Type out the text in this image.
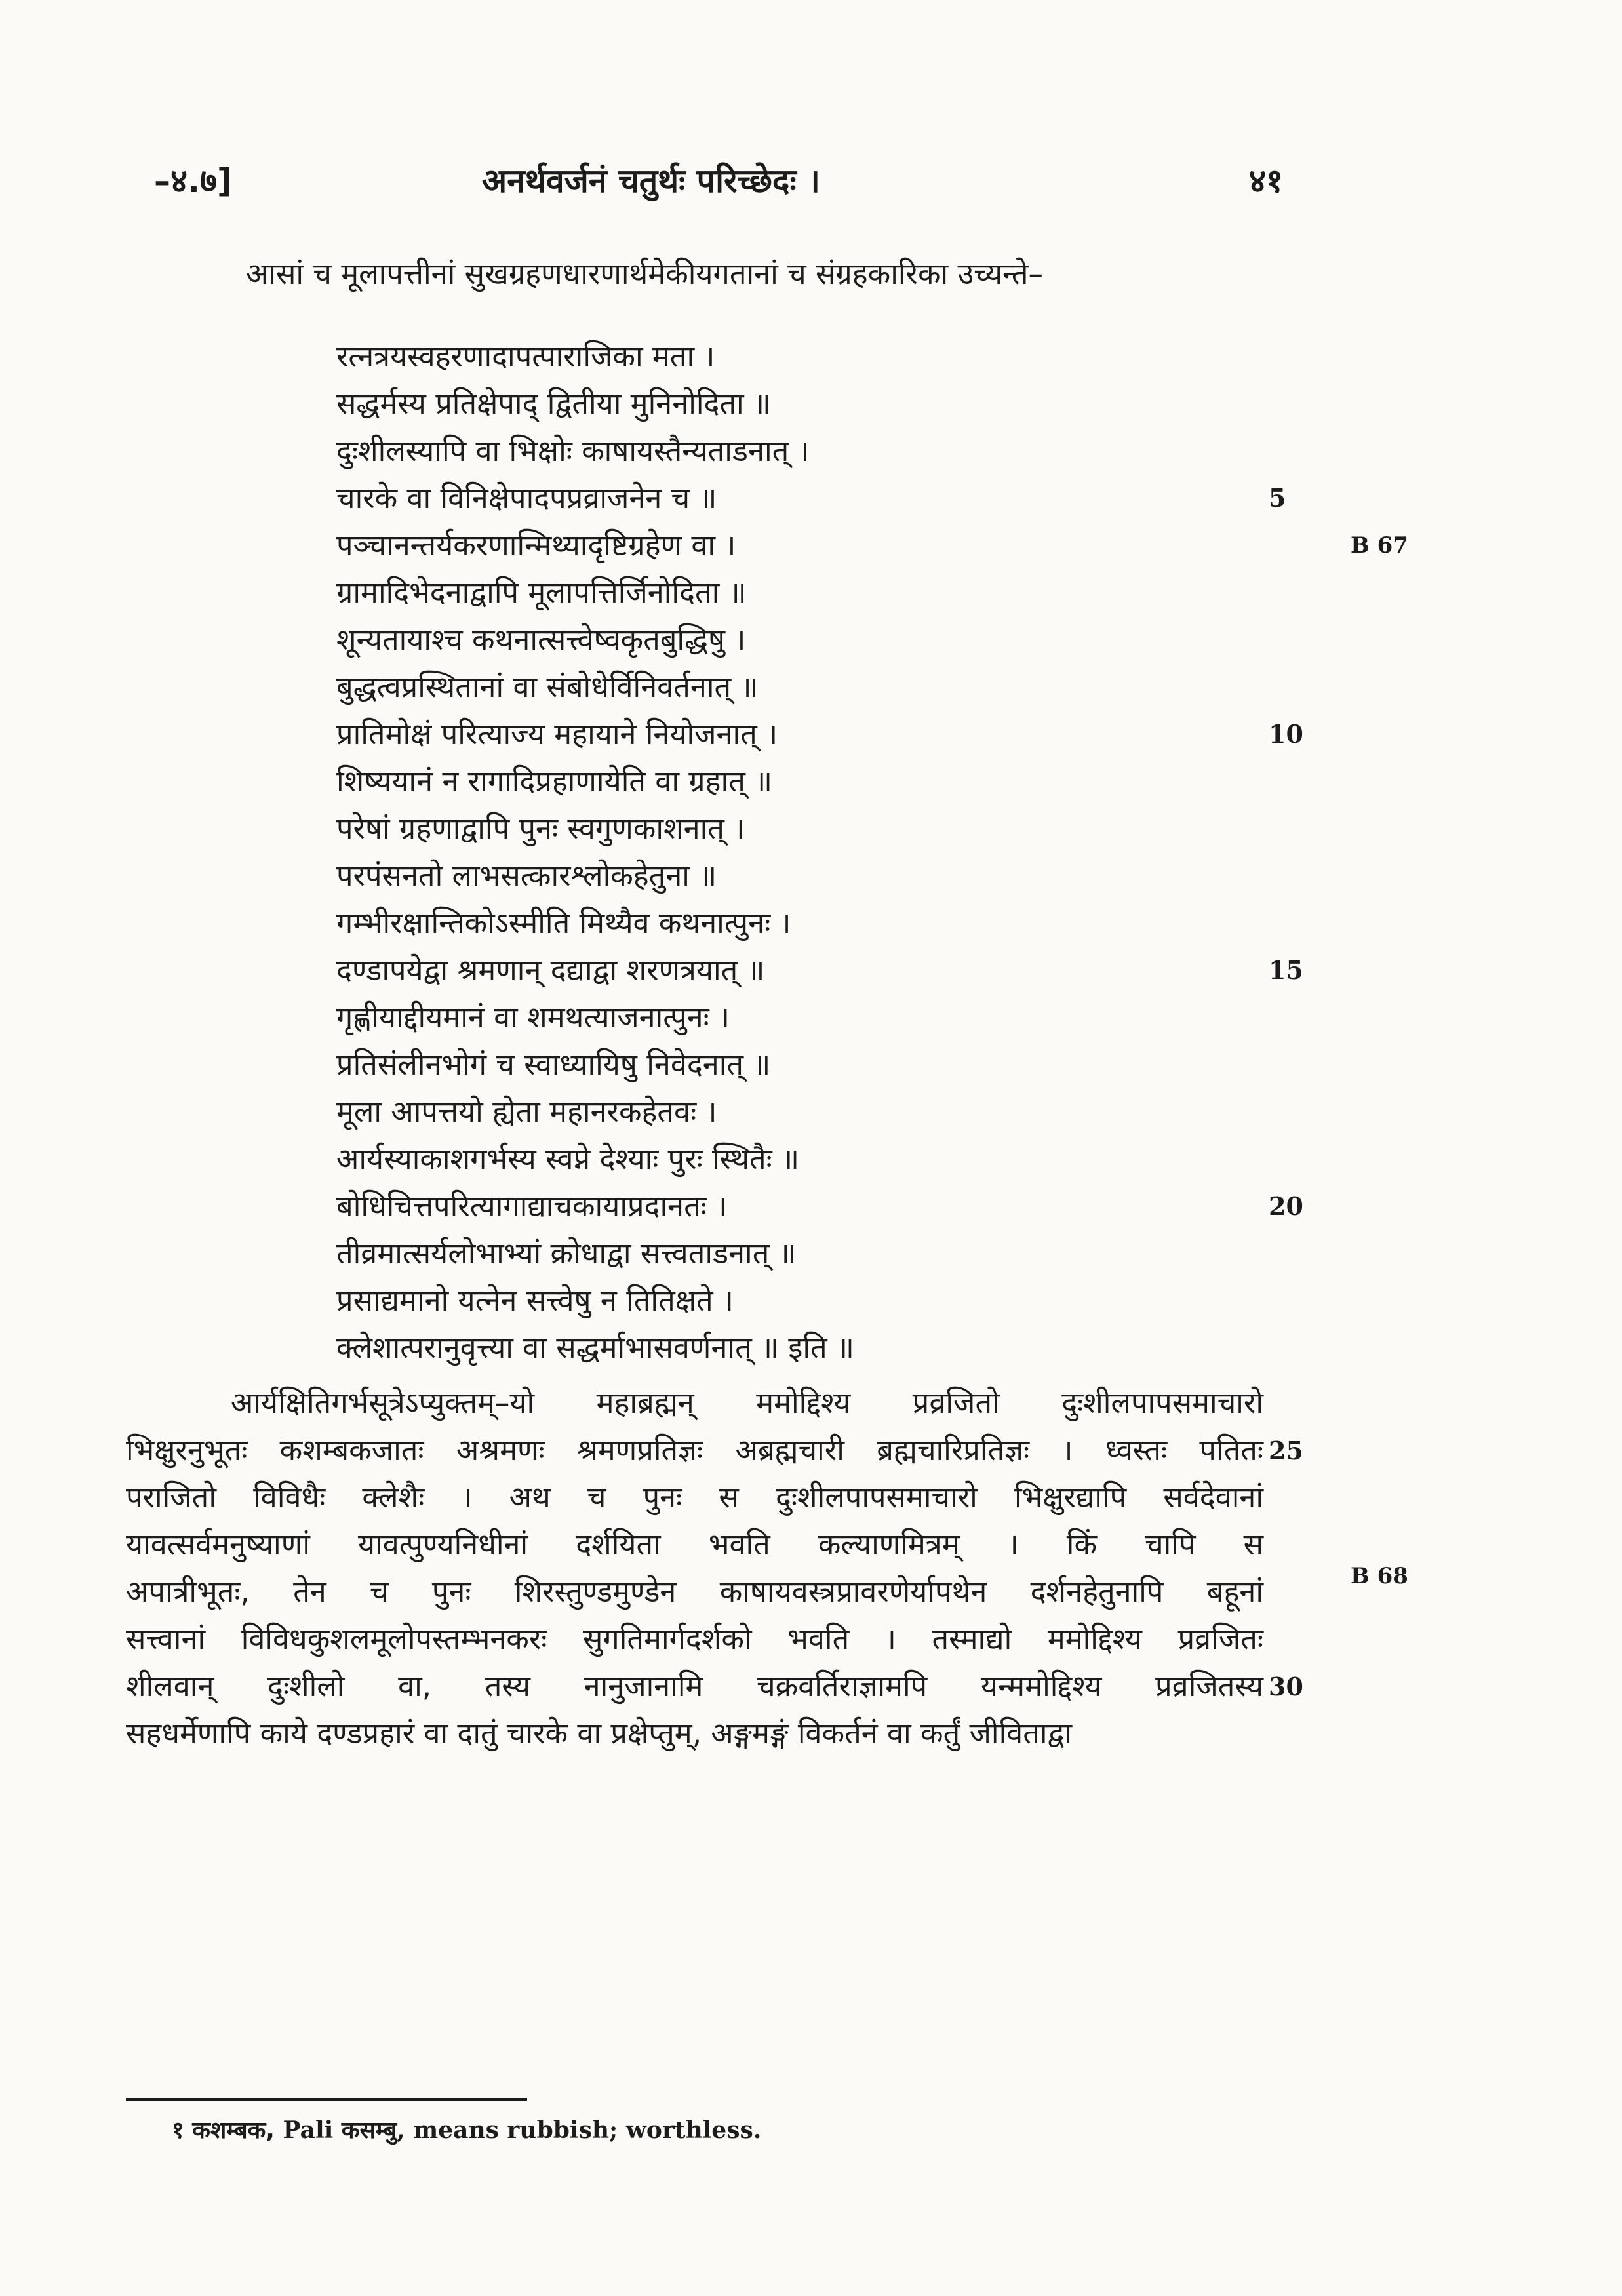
–४.७]	अनर्थवर्जनं चतुर्थः परिच्छेदः ।	४१
आसां च मूलापत्तीनां सुखग्रहणधारणार्थमेकीयगतानां च संग्रहकारिका उच्यन्ते–
रत्नत्रयस्वहरणादापत्पाराजिका मता ।
सद्धर्मस्य प्रतिक्षेपाद् द्वितीया मुनिनोदिता ॥
दुःशीलस्यापि वा भिक्षोः काषायस्तैन्यताडनात् ।
चारके वा विनिक्षेपादपप्रव्राजनेन च ॥
पञ्चानन्तर्यकरणान्मिथ्यादृष्टिग्रहेण वा ।
ग्रामादिभेदनाद्वापि मूलापत्तिर्जिनोदिता ॥
शून्यतायाश्च कथनात्सत्त्वेष्वकृतबुद्धिषु ।
बुद्धत्वप्रस्थितानां वा संबोधेर्विनिवर्तनात् ॥
प्रातिमोक्षं परित्याज्य महायाने नियोजनात् ।
शिष्ययानं न रागादिप्रहाणायेति वा ग्रहात् ॥
परेषां ग्रहणाद्वापि पुनः स्वगुणकाशनात् ।
परपंसनतो लाभसत्कारश्लोकहेतुना ॥
गम्भीरक्षान्तिकोऽस्मीति मिथ्यैव कथनात्पुनः ।
दण्डापयेद्वा श्रमणान् दद्याद्वा शरणत्रयात् ॥
गृह्णीयाद्दीयमानं वा शमथत्याजनात्पुनः ।
प्रतिसंलीनभोगं च स्वाध्यायिषु निवेदनात् ॥
मूला आपत्तयो ह्येता महानरकहेतवः ।
आर्यस्याकाशगर्भस्य स्वप्ने देश्याः पुरः स्थितैः ॥
बोधिचित्तपरित्यागाद्याचकायाप्रदानतः ।
तीव्रमात्सर्यलोभाभ्यां क्रोधाद्वा सत्त्वताडनात् ॥
प्रसाद्यमानो यत्नेन सत्त्वेषु न तितिक्षते ।
क्लेशात्परानुवृत्त्या वा सद्धर्माभासवर्णनात् ॥ इति ॥
5
10
15
20
B 67
B 68
आर्यक्षितिगर्भसूत्रेऽप्युक्तम्–यो महाब्रह्मन् ममोद्दिश्य प्रव्रजितो दुःशीलपापसमाचारो
भिक्षुरनुभूतः कशम्बकजातः अश्रमणः श्रमणप्रतिज्ञः अब्रह्मचारी ब्रह्मचारिप्रतिज्ञः । ध्वस्तः पतितः
पराजितो विविधैः क्लेशैः । अथ च पुनः स दुःशीलपापसमाचारो भिक्षुरद्यापि सर्वदेवानां
यावत्सर्वमनुष्याणां यावत्पुण्यनिधीनां दर्शयिता भवति कल्याणमित्रम् । किं चापि स
अपात्रीभूतः, तेन च पुनः शिरस्तुण्डमुण्डेन काषायवस्त्रप्रावरणेर्यापथेन दर्शनहेतुनापि बहूनां
सत्त्वानां विविधकुशलमूलोपस्तम्भनकरः सुगतिमार्गदर्शको भवति । तस्माद्यो ममोद्दिश्य प्रव्रजितः
शीलवान् दुःशीलो वा, तस्य नानुजानामि चक्रवर्तिराज्ञामपि यन्ममोद्दिश्य प्रव्रजितस्य
सहधर्मेणापि काये दण्डप्रहारं वा दातुं चारके वा प्रक्षेप्तुम्, अङ्गमङ्गं विकर्तनं वा कर्तुं जीविताद्वा
25
30
१ कशम्बक, Pali कसम्बु, means rubbish; worthless.
